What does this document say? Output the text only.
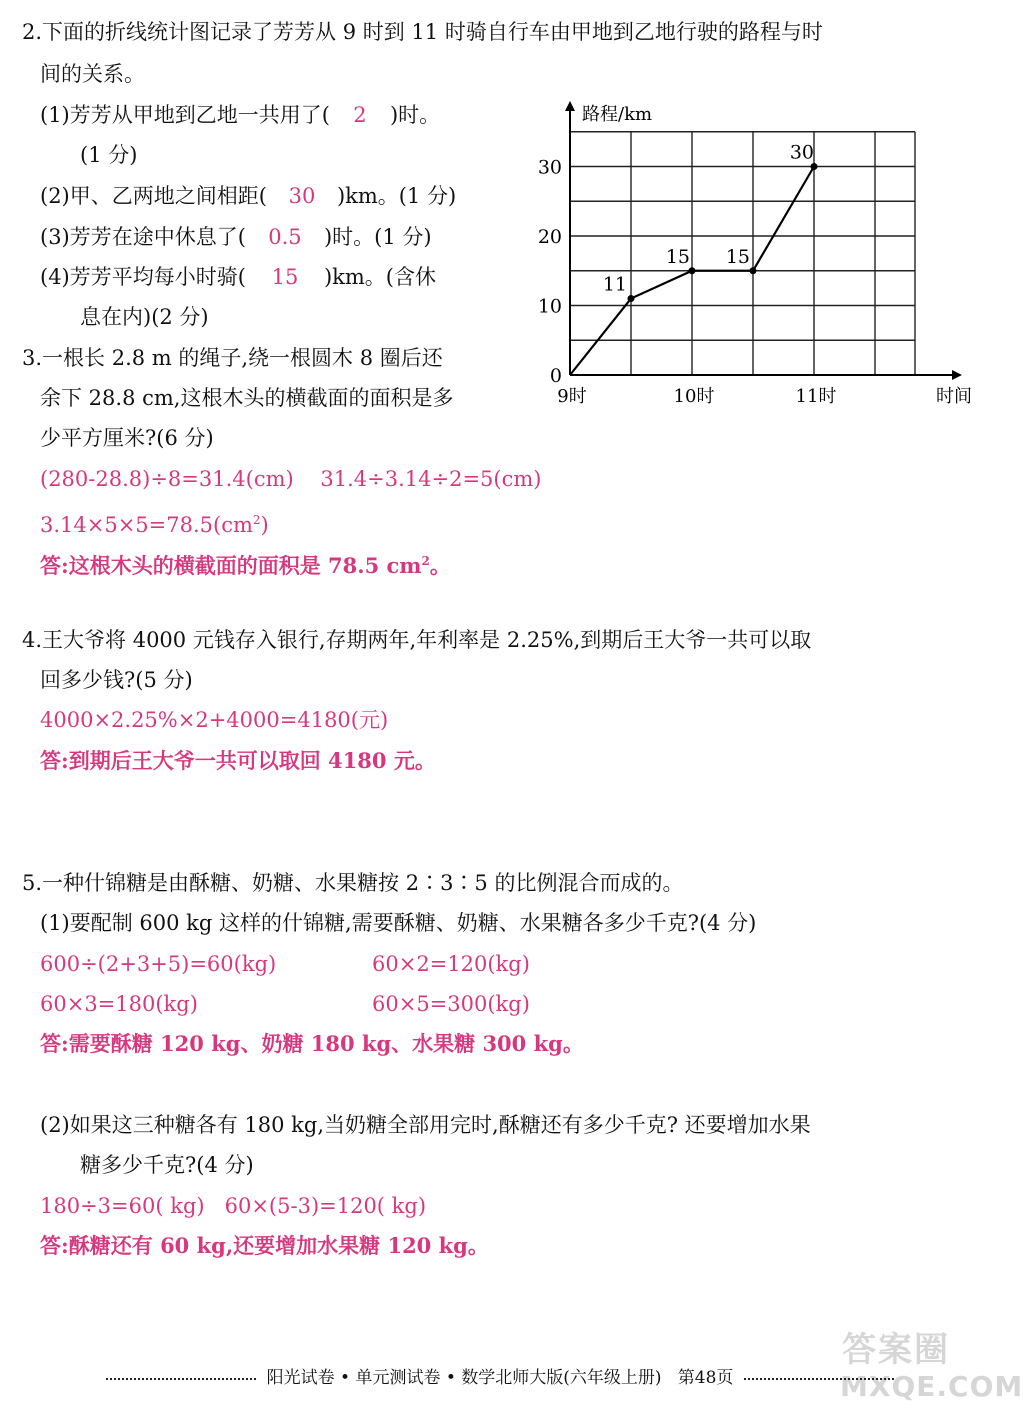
2.下面的折线统计图记录了芳芳从 9 时到 11 时骑自行车由甲地到乙地行驶的路程与时
间的关系。
(1)芳芳从甲地到乙地一共用了( 2 )时。
(1 分)
(2)甲、乙两地之间相距( 30 )km。(1 分)
(3)芳芳在途中休息了( 0.5 )时。(1 分)
(4)芳芳平均每小时骑( 15 )km。(含休
息在内)(2 分)
0
10
20
30
9时	10时	11时
11
15 15
30
路程/km
时间
3.一根长 2.8 m 的绳子,绕一根圆木 8 圈后还
余下 28.8 cm,这根木头的横截面的面积是多
少平方厘米?(6 分)
(280-28.8)÷8=31.4(cm)    31.4÷3.14÷2=5(cm)
$3.14\times 5\times 5=78.5(cm^2)$
答:这根木头的横截面的面积是 78.5 $cm^2$。
4.王大爷将 4000 元钱存入银行,存期两年,年利率是 2.25%,到期后王大爷一共可以取
回多少钱?(5 分)
4000×2.25%×2+4000=4180(元)
答:到期后王大爷一共可以取回 4180 元。
5.一种什锦糖是由酥糖、奶糖、水果糖按 2∶3∶5 的比例混合而成的。
(1)要配制 600 kg 这样的什锦糖,需要酥糖、奶糖、水果糖各多少千克?(4 分)
600÷(2+3+5)=60(kg)	60×2=120(kg)
60×3=180(kg)	60×5=300(kg)
答:需要酥糖 120 kg、奶糖 180 kg、水果糖 300 kg。
(2)如果这三种糖各有 180 kg,当奶糖全部用完时,酥糖还有多少千克? 还要增加水果
糖多少千克?(4 分)
180÷3=60( kg)   60×(5-3)=120( kg)
答:酥糖还有 60 kg,还要增加水果糖 120 kg。
答案圈
MXQE.COM
阳光试卷 • 单元测试卷 • 数学北师大版(六年级上册)   第48页
